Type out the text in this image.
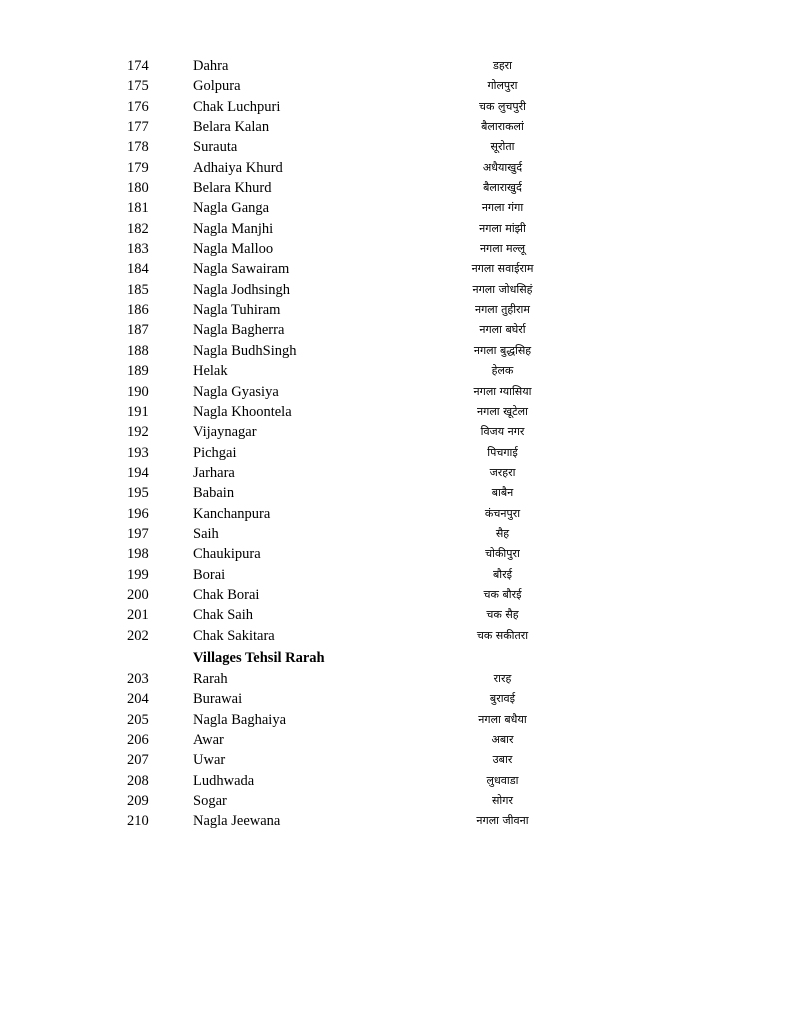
174	Dahra	डहरा
175	Golpura	गोलपुरा
176	Chak Luchpuri	चक लुचपुरी
177	Belara Kalan	बैलाराकलां
178	Surauta	सूरोता
179	Adhaiya Khurd	अधैयाखुर्द
180	Belara Khurd	बैलाराखुर्द
181	Nagla Ganga	नगला गंगा
182	Nagla Manjhi	नगला मांझी
183	Nagla Malloo	नगला मल्लू
184	Nagla Sawairam	नगला सवाईराम
185	Nagla Jodhsingh	नगला जोधसिहं
186	Nagla Tuhiram	नगला तुहीराम
187	Nagla Bagherra	नगला बघेर्रा
188	Nagla BudhSingh	नगला बुद्धसिह
189	Helak	हेलक
190	Nagla Gyasiya	नगला ग्यासिया
191	Nagla Khoontela	नगला खूटेला
192	Vijaynagar	विजय नगर
193	Pichgai	पिचगाई
194	Jarhara	जरहरा
195	Babain	बाबैन
196	Kanchanpura	कंचनपुरा
197	Saih	सैह
198	Chaukipura	चोकीपुरा
199	Borai	बौरई
200	Chak Borai	चक बौरई
201	Chak Saih	चक सैह
202	Chak Sakitara	चक सकीतरा
Villages Tehsil Rarah
203	Rarah	रारह
204	Burawai	बुरावई
205	Nagla Baghaiya	नगला बधैया
206	Awar	अबार
207	Uwar	उबार
208	Ludhwada	लुधवाडा
209	Sogar	सोगर
210	Nagla Jeewana	नगला जीवना
